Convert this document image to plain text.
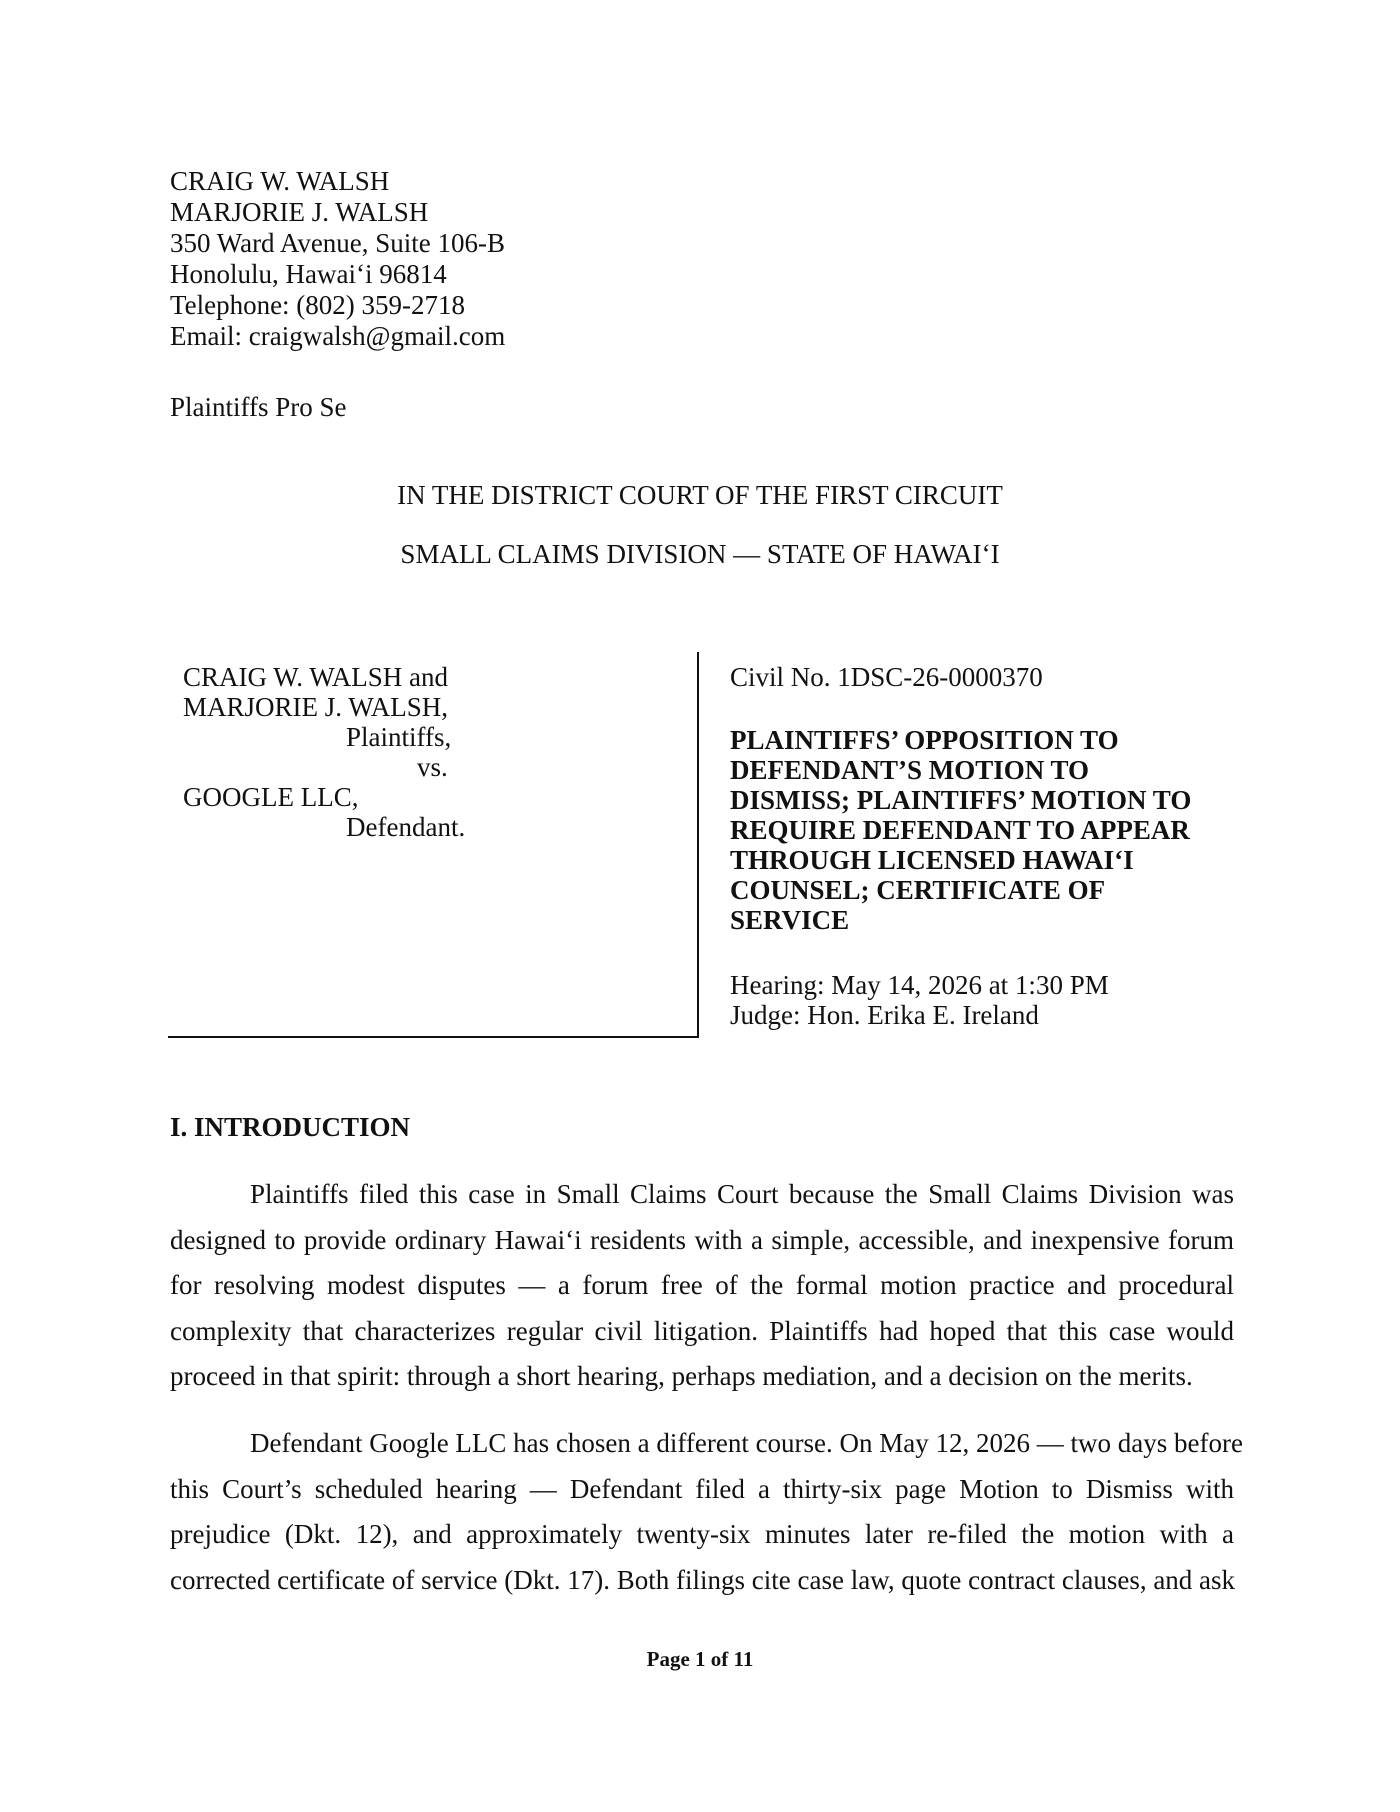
CRAIG W. WALSH
MARJORIE J. WALSH
350 Ward Avenue, Suite 106-B
Honolulu, Hawai‘i 96814
Telephone: (802) 359-2718
Email: craigwalsh@gmail.com
Plaintiffs Pro Se
IN THE DISTRICT COURT OF THE FIRST CIRCUIT
SMALL CLAIMS DIVISION — STATE OF HAWAI‘I
CRAIG W. WALSH and
MARJORIE J. WALSH,
Plaintiffs,
vs.
GOOGLE LLC,
Defendant.
Civil No. 1DSC-26-0000370
PLAINTIFFS’ OPPOSITION TO
DEFENDANT’S MOTION TO
DISMISS; PLAINTIFFS’ MOTION TO
REQUIRE DEFENDANT TO APPEAR
THROUGH LICENSED HAWAI‘I
COUNSEL; CERTIFICATE OF
SERVICE
Hearing: May 14, 2026 at 1:30 PM
Judge: Hon. Erika E. Ireland
I. INTRODUCTION
Plaintiffs filed this case in Small Claims Court because the Small Claims Division was
designed to provide ordinary Hawai‘i residents with a simple, accessible, and inexpensive forum
for resolving modest disputes — a forum free of the formal motion practice and procedural
complexity that characterizes regular civil litigation. Plaintiffs had hoped that this case would
proceed in that spirit: through a short hearing, perhaps mediation, and a decision on the merits.
Defendant Google LLC has chosen a different course. On May 12, 2026 — two days before
this Court’s scheduled hearing — Defendant filed a thirty-six page Motion to Dismiss with
prejudice (Dkt. 12), and approximately twenty-six minutes later re-filed the motion with a
corrected certificate of service (Dkt. 17). Both filings cite case law, quote contract clauses, and ask
Page 1 of 11
